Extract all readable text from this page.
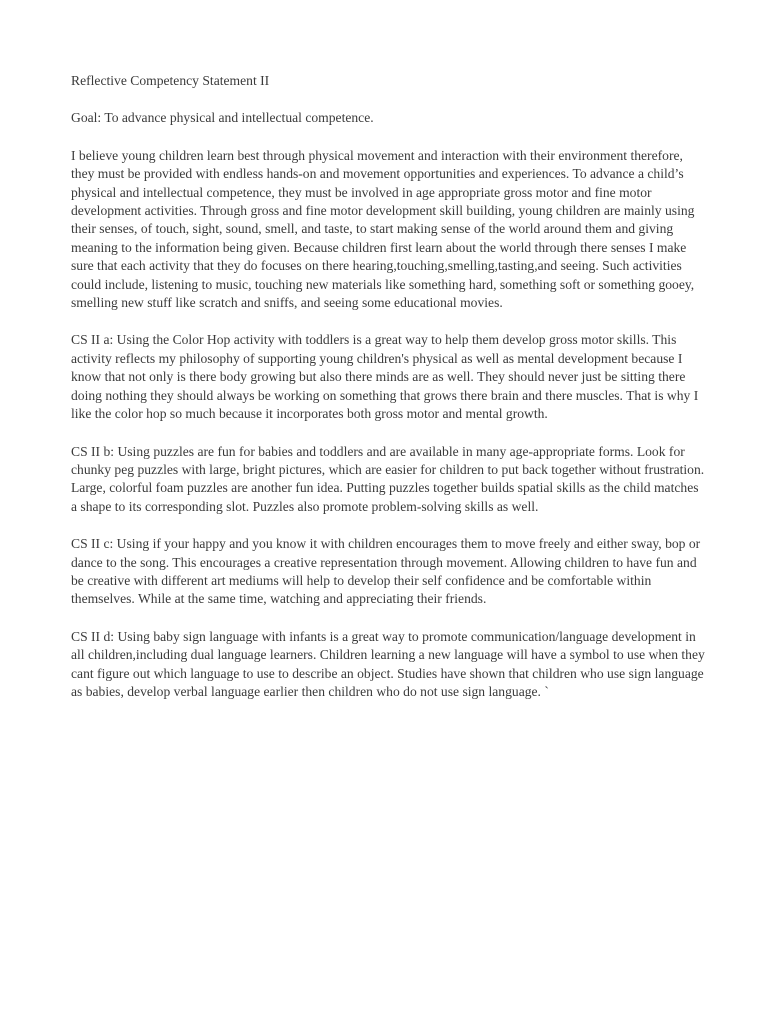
Reflective Competency Statement II

Goal: To advance physical and intellectual competence.

I believe young children learn best through physical movement and interaction with their environment therefore, they must be provided with endless hands-on and movement opportunities and experiences. To advance a child’s physical and intellectual competence, they must be involved in age appropriate gross motor and fine motor development activities. Through gross and fine motor development skill building, young children are mainly using their senses, of touch, sight, sound, smell, and taste, to start making sense of the world around them and giving meaning to the information being given. Because children first learn about the world through there senses I make sure that each activity that they do focuses on there hearing,touching,smelling,tasting,and seeing. Such activities could include, listening to music, touching new materials like something hard, something soft or something gooey, smelling new stuff like scratch and sniffs, and seeing some educational movies.

CS II a: Using the Color Hop activity with toddlers is a great way to help them develop gross motor skills. This activity reflects my philosophy of supporting young children's physical as well as mental development because I know that not only is there body growing but also there minds are as well. They should never just be sitting there doing nothing they should always be working on something that grows there brain and there muscles. That is why I like the color hop so much because it incorporates both gross motor and mental growth.

CS II b: Using puzzles are fun for babies and toddlers and are available in many age-appropriate forms. Look for chunky peg puzzles with large, bright pictures, which are easier for children to put back together without frustration. Large, colorful foam puzzles are another fun idea. Putting puzzles together builds spatial skills as the child matches a shape to its corresponding slot. Puzzles also promote problem-solving skills as well.

CS II c: Using if your happy and you know it with children encourages them to move freely and either sway, bop or dance to the song. This encourages a creative representation through movement. Allowing children to have fun and be creative with different art mediums will help to develop their self confidence and be comfortable within themselves. While at the same time, watching and appreciating their friends.

CS II d: Using baby sign language with infants is a great way to promote communication/language development in all children,including dual language learners. Children learning a new language will have a symbol to use when they cant figure out which language to use to describe an object. Studies have shown that children who use sign language as babies, develop verbal language earlier then children who do not use sign language. `
